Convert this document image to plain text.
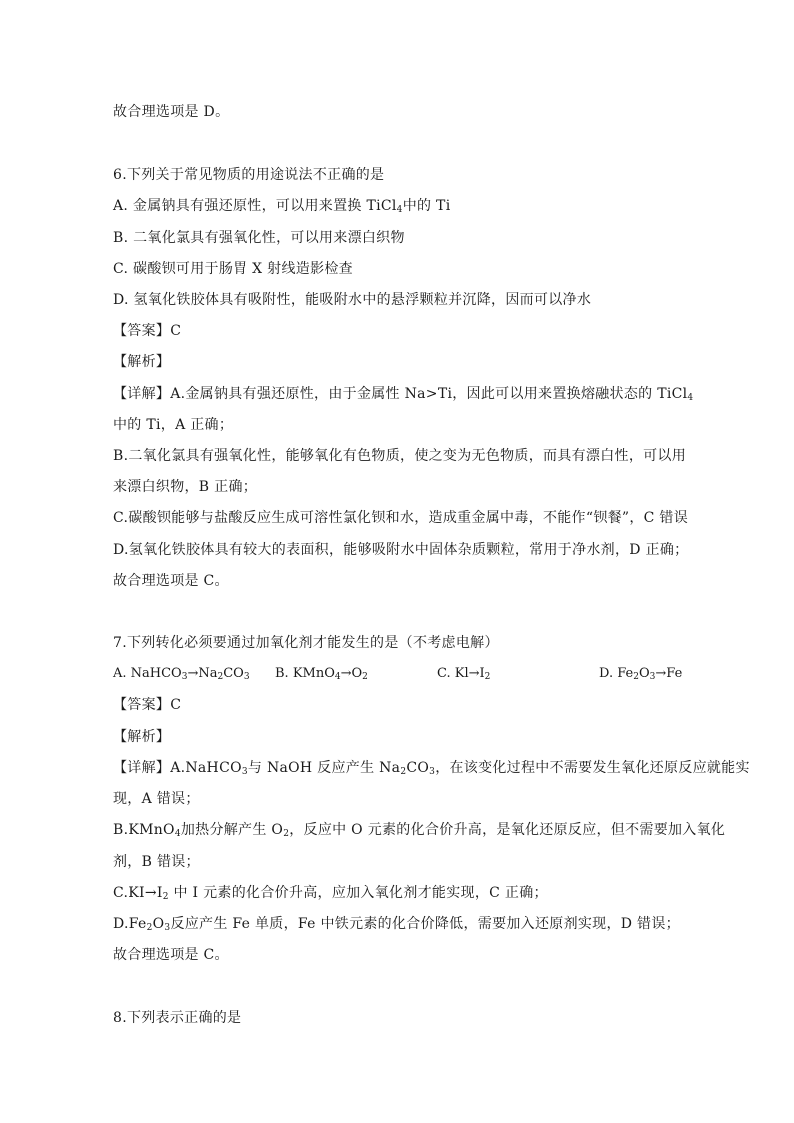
故合理选项是 D。
6.下列关于常见物质的用途说法不正确的是
A. 金属钠具有强还原性，可以用来置换 TiCl$_4$中的 Ti
B. 二氧化氯具有强氧化性，可以用来漂白织物
C. 碳酸钡可用于肠胃 X 射线造影检查
D. 氢氧化铁胶体具有吸附性，能吸附水中的悬浮颗粒并沉降，因而可以净水
【答案】C
【解析】
【详解】A.金属钠具有强还原性，由于金属性 Na>Ti，因此可以用来置换熔融状态的 TiCl$_4$
中的 Ti，A 正确；
B.二氧化氯具有强氧化性，能够氧化有色物质，使之变为无色物质，而具有漂白性，可以用
来漂白织物，B 正确；
C.碳酸钡能够与盐酸反应生成可溶性氯化钡和水，造成重金属中毒，不能作“钡餐”，C 错误
D.氢氧化铁胶体具有较大的表面积，能够吸附水中固体杂质颗粒，常用于净水剂，D 正确；
故合理选项是 C。
7.下列转化必须要通过加氧化剂才能发生的是（不考虑电解）
A. $NaHCO_3\to Na_2CO_3$ B. $KMnO_4\to O_2$	C. $Kl\to I_2$	D. $Fe_2O_3\to Fe$
【答案】C
【解析】
【详解】A.NaHCO$_3$与 NaOH 反应产生 $Na_2CO_3$，在该变化过程中不需要发生氧化还原反应就能实
现，A 错误；
B.KMnO$_4$加热分解产生 $O_2$，反应中 O 元素的化合价升高，是氧化还原反应，但不需要加入氧化
剂，B 错误；
$C.KI\to I_2$ 中 I 元素的化合价升高，应加入氧化剂才能实现，C 正确；
$D.Fe_2O_3$反应产生 Fe 单质，Fe 中铁元素的化合价降低，需要加入还原剂实现，D 错误；
故合理选项是 C。
8.下列表示正确的是
